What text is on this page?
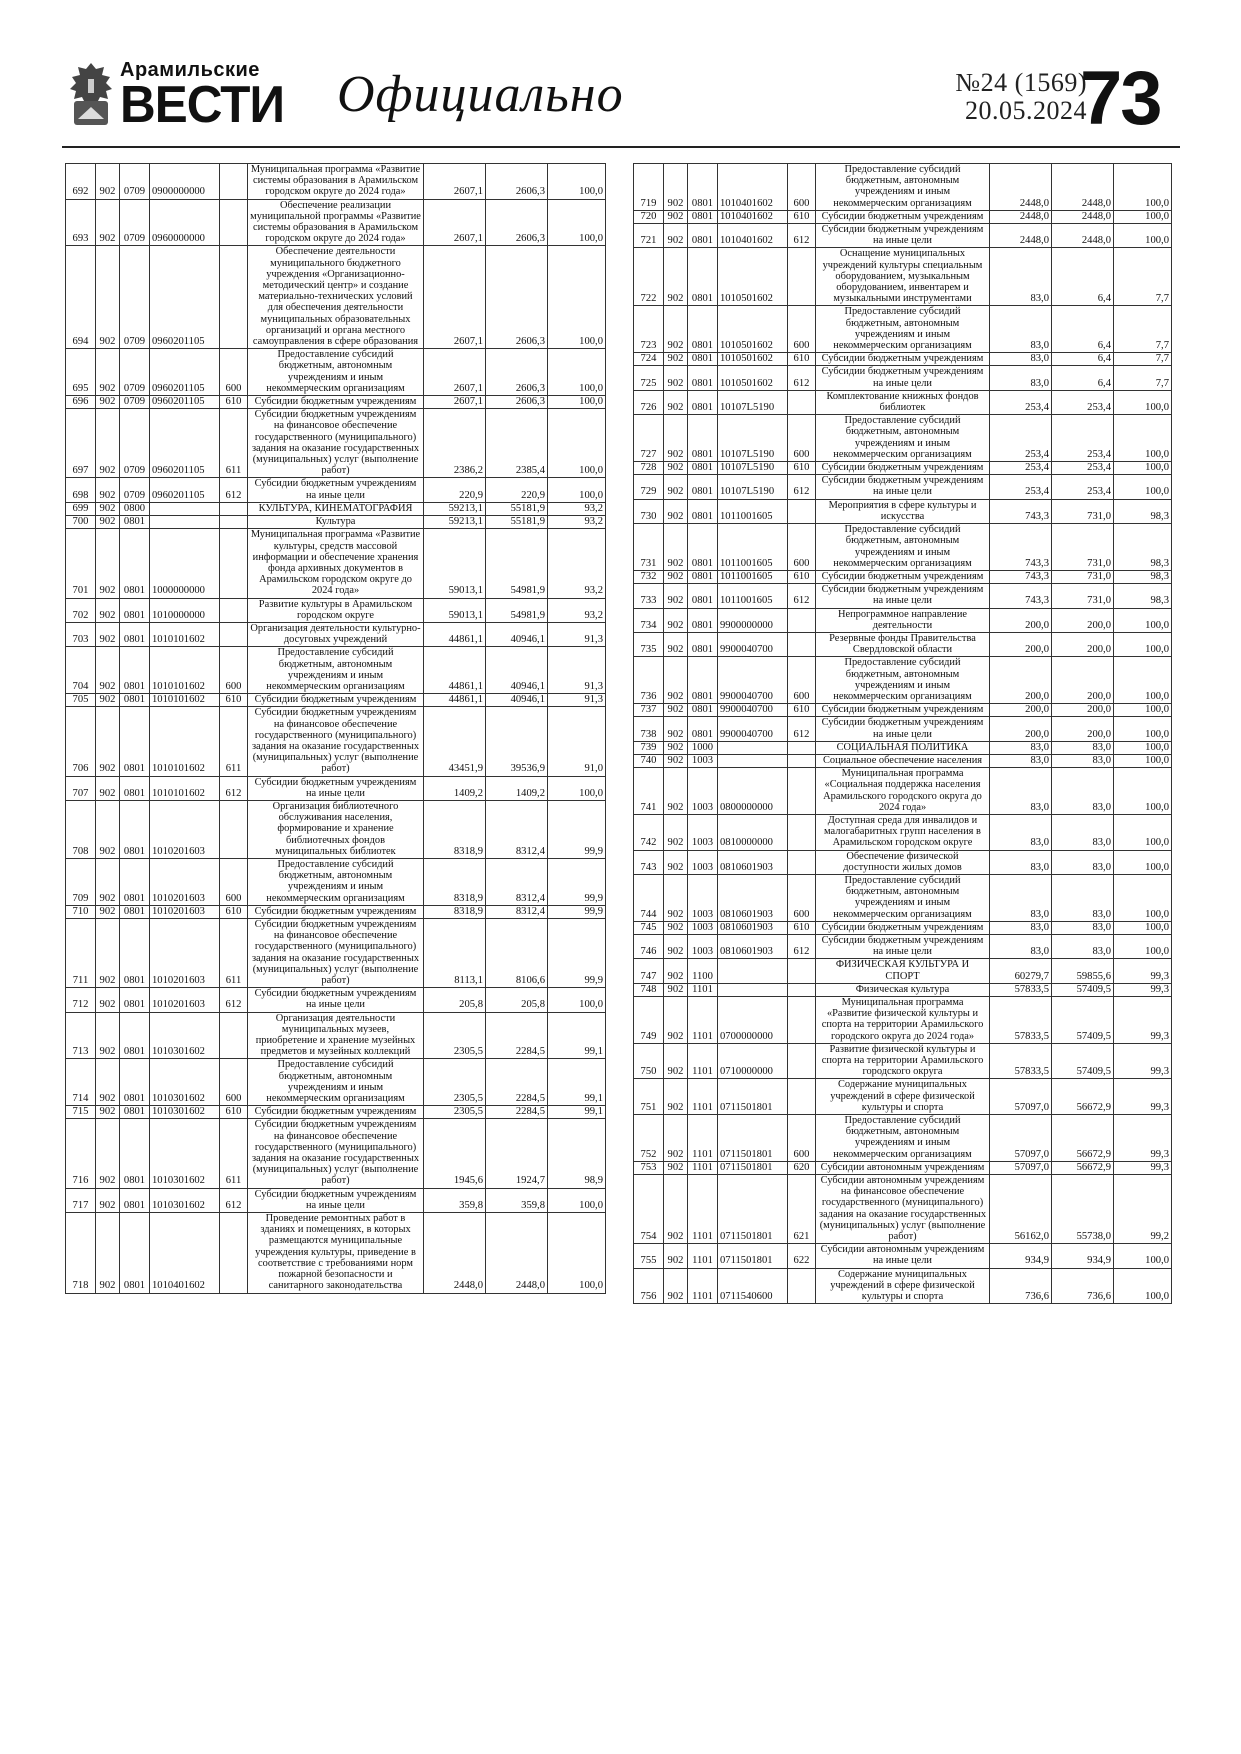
Арамильские
ВЕСТИ Официально	№24 (1569)
20.05.2024
73
692	902	0709	0900000000		Муниципальная программа «Развитие системы образования в Арамильском городском округе до 2024 года»	2607,1	2606,3	100,0
693	902	0709	0960000000		Обеспечение реализации муниципальной программы «Развитие системы образования в Арамильском городском округе до 2024 года»	2607,1	2606,3	100,0
694	902	0709	0960201105		Обеспечение деятельности муниципального бюджетного учреждения «Организационно-методический центр» и создание материально-технических условий для обеспечения деятельности муниципальных образовательных организаций и органа местного самоуправления в сфере образования	2607,1	2606,3	100,0
695	902	0709	0960201105	600	Предоставление субсидий бюджетным, автономным учреждениям и иным некоммерческим организациям	2607,1	2606,3	100,0
696	902	0709	0960201105	610	Субсидии бюджетным учреждениям	2607,1	2606,3	100,0
697	902	0709	0960201105	611	Субсидии бюджетным учреждениям на финансовое обеспечение государственного (муниципального) задания на оказание государственных (муниципальных) услуг (выполнение работ)	2386,2	2385,4	100,0
698	902	0709	0960201105	612	Субсидии бюджетным учреждениям на иные цели	220,9	220,9	100,0
699	902	0800			КУЛЬТУРА, КИНЕМАТОГРАФИЯ	59213,1	55181,9	93,2
700	902	0801			Культура	59213,1	55181,9	93,2
701	902	0801	1000000000		Муниципальная программа «Развитие культуры, средств массовой информации и обеспечение хранения фонда архивных документов в Арамильском городском округе до 2024 года»	59013,1	54981,9	93,2
702	902	0801	1010000000		Развитие культуры в Арамильском городском округе	59013,1	54981,9	93,2
703	902	0801	1010101602		Организация деятельности культурно-досуговых учреждений	44861,1	40946,1	91,3
704	902	0801	1010101602	600	Предоставление субсидий бюджетным, автономным учреждениям и иным некоммерческим организациям	44861,1	40946,1	91,3
705	902	0801	1010101602	610	Субсидии бюджетным учреждениям	44861,1	40946,1	91,3
706	902	0801	1010101602	611	Субсидии бюджетным учреждениям на финансовое обеспечение государственного (муниципального) задания на оказание государственных (муниципальных) услуг (выполнение работ)	43451,9	39536,9	91,0
707	902	0801	1010101602	612	Субсидии бюджетным учреждениям на иные цели	1409,2	1409,2	100,0
708	902	0801	1010201603		Организация библиотечного обслуживания населения, формирование и хранение библиотечных фондов муниципальных библиотек	8318,9	8312,4	99,9
709	902	0801	1010201603	600	Предоставление субсидий бюджетным, автономным учреждениям и иным некоммерческим организациям	8318,9	8312,4	99,9
710	902	0801	1010201603	610	Субсидии бюджетным учреждениям	8318,9	8312,4	99,9
711	902	0801	1010201603	611	Субсидии бюджетным учреждениям на финансовое обеспечение государственного (муниципального) задания на оказание государственных (муниципальных) услуг (выполнение работ)	8113,1	8106,6	99,9
712	902	0801	1010201603	612	Субсидии бюджетным учреждениям на иные цели	205,8	205,8	100,0
713	902	0801	1010301602		Организация деятельности муниципальных музеев, приобретение и хранение музейных предметов и музейных коллекций	2305,5	2284,5	99,1
714	902	0801	1010301602	600	Предоставление субсидий бюджетным, автономным учреждениям и иным некоммерческим организациям	2305,5	2284,5	99,1
715	902	0801	1010301602	610	Субсидии бюджетным учреждениям	2305,5	2284,5	99,1
716	902	0801	1010301602	611	Субсидии бюджетным учреждениям на финансовое обеспечение государственного (муниципального) задания на оказание государственных (муниципальных) услуг (выполнение работ)	1945,6	1924,7	98,9
717	902	0801	1010301602	612	Субсидии бюджетным учреждениям на иные цели	359,8	359,8	100,0
718	902	0801	1010401602		Проведение ремонтных работ в зданиях и помещениях, в которых размещаются муниципальные учреждения культуры, приведение в соответствие с требованиями норм пожарной безопасности и санитарного законодательства	2448,0	2448,0	100,0
719	902	0801	1010401602	600	Предоставление субсидий бюджетным, автономным учреждениям и иным некоммерческим организациям	2448,0	2448,0	100,0
720	902	0801	1010401602	610	Субсидии бюджетным учреждениям	2448,0	2448,0	100,0
721	902	0801	1010401602	612	Субсидии бюджетным учреждениям на иные цели	2448,0	2448,0	100,0
722	902	0801	1010501602		Оснащение муниципальных учреждений культуры специальным оборудованием, музыкальным оборудованием, инвентарем и музыкальными инструментами	83,0	6,4	7,7
723	902	0801	1010501602	600	Предоставление субсидий бюджетным, автономным учреждениям и иным некоммерческим организациям	83,0	6,4	7,7
724	902	0801	1010501602	610	Субсидии бюджетным учреждениям	83,0	6,4	7,7
725	902	0801	1010501602	612	Субсидии бюджетным учреждениям на иные цели	83,0	6,4	7,7
726	902	0801	10107L5190		Комплектование книжных фондов библиотек	253,4	253,4	100,0
727	902	0801	10107L5190	600	Предоставление субсидий бюджетным, автономным учреждениям и иным некоммерческим организациям	253,4	253,4	100,0
728	902	0801	10107L5190	610	Субсидии бюджетным учреждениям	253,4	253,4	100,0
729	902	0801	10107L5190	612	Субсидии бюджетным учреждениям на иные цели	253,4	253,4	100,0
730	902	0801	1011001605		Мероприятия в сфере культуры и искусства	743,3	731,0	98,3
731	902	0801	1011001605	600	Предоставление субсидий бюджетным, автономным учреждениям и иным некоммерческим организациям	743,3	731,0	98,3
732	902	0801	1011001605	610	Субсидии бюджетным учреждениям	743,3	731,0	98,3
733	902	0801	1011001605	612	Субсидии бюджетным учреждениям на иные цели	743,3	731,0	98,3
734	902	0801	9900000000		Непрограммное направление деятельности	200,0	200,0	100,0
735	902	0801	9900040700		Резервные фонды Правительства Свердловской области	200,0	200,0	100,0
736	902	0801	9900040700	600	Предоставление субсидий бюджетным, автономным учреждениям и иным некоммерческим организациям	200,0	200,0	100,0
737	902	0801	9900040700	610	Субсидии бюджетным учреждениям	200,0	200,0	100,0
738	902	0801	9900040700	612	Субсидии бюджетным учреждениям на иные цели	200,0	200,0	100,0
739	902	1000			СОЦИАЛЬНАЯ ПОЛИТИКА	83,0	83,0	100,0
740	902	1003			Социальное обеспечение населения	83,0	83,0	100,0
741	902	1003	0800000000		Муниципальная программа «Социальная поддержка населения Арамильского городского округа до 2024 года»	83,0	83,0	100,0
742	902	1003	0810000000		Доступная среда для инвалидов и малогабаритных групп населения в Арамильском городском округе	83,0	83,0	100,0
743	902	1003	0810601903		Обеспечение физической доступности жилых домов	83,0	83,0	100,0
744	902	1003	0810601903	600	Предоставление субсидий бюджетным, автономным учреждениям и иным некоммерческим организациям	83,0	83,0	100,0
745	902	1003	0810601903	610	Субсидии бюджетным учреждениям	83,0	83,0	100,0
746	902	1003	0810601903	612	Субсидии бюджетным учреждениям на иные цели	83,0	83,0	100,0
747	902	1100			ФИЗИЧЕСКАЯ КУЛЬТУРА И СПОРТ	60279,7	59855,6	99,3
748	902	1101			Физическая культура	57833,5	57409,5	99,3
749	902	1101	0700000000		Муниципальная программа «Развитие физической культуры и спорта на территории Арамильского городского округа до 2024 года»	57833,5	57409,5	99,3
750	902	1101	0710000000		Развитие физической культуры и спорта на территории Арамильского городского округа	57833,5	57409,5	99,3
751	902	1101	0711501801		Содержание муниципальных учреждений в сфере физической культуры и спорта	57097,0	56672,9	99,3
752	902	1101	0711501801	600	Предоставление субсидий бюджетным, автономным учреждениям и иным некоммерческим организациям	57097,0	56672,9	99,3
753	902	1101	0711501801	620	Субсидии автономным учреждениям	57097,0	56672,9	99,3
754	902	1101	0711501801	621	Субсидии автономным учреждениям на финансовое обеспечение государственного (муниципального) задания на оказание государственных (муниципальных) услуг (выполнение работ)	56162,0	55738,0	99,2
755	902	1101	0711501801	622	Субсидии автономным учреждениям на иные цели	934,9	934,9	100,0
756	902	1101	0711540600		Содержание муниципальных учреждений в сфере физической культуры и спорта	736,6	736,6	100,0
